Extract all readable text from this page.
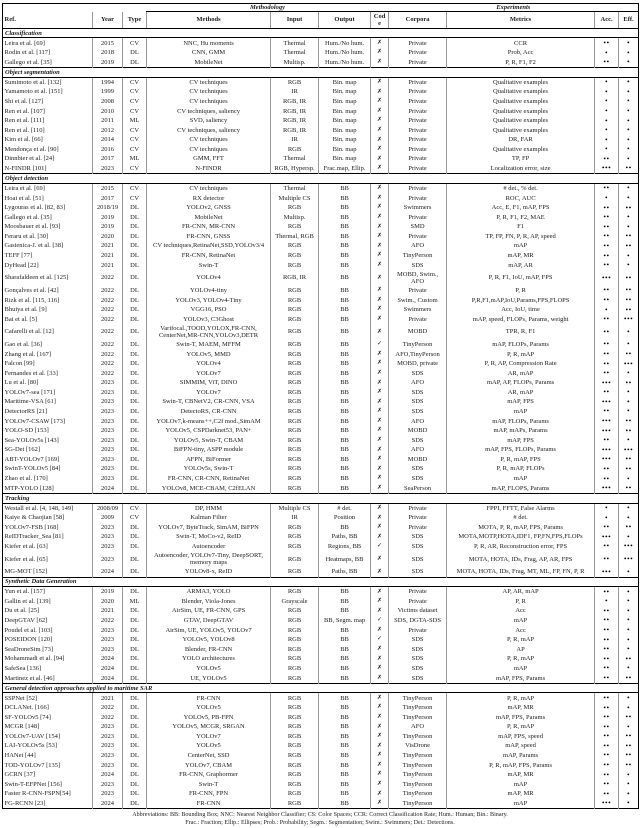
			Methodology				Experiments			
Ref.	Year	Type	Methods	Input	Output	Code	Corpora	Metrics	Acc.	Eff.
Classification										
Leira et al. [69]	2015	CV	NNC, Hu moments	Thermal	Hum./No hum.	✗	Private	CCR	••	•
Rodin et al. [117]	2018	DL	CNN, GMM	Thermal	Hum./No hum.	✗	Private	Prob, Acc	•	•
Gallego et al. [35]	2019	DL	MobileNet	Multisp.	Hum./No hum.	✗	Private	P, R, F1, F2	••	•
Object segmentation										
Sumimoto et al. [132]	1994	CV	CV techniques	RGB	Bin. map	✗	Private	Qualitative examples	•	•
Yamamoto et al. [151]	1999	CV	CV techniques	IR	Bin. map	✗	Private	Qualitative examples	•	•
Shi et al. [127]	2008	CV	CV techniques	RGB, IR	Bin. map	✗	Private	Qualitative examples	•	•
Ren et al. [107]	2010	CV	CV techniques, saliency	RGB, IR	Bin. map	✗	Private	Qualitative examples	•	•
Ren et al. [111]	2011	ML	SVD, saliency	RGB, IR	Bin. map	✗	Private	Qualitative examples	•	•
Ren et al. [110]	2012	CV	CV techniques, saliency	RGB, IR	Bin. map	✗	Private	Qualitative examples	•	•
Kim et al. [66]	2014	CV	CV techniques	IR	Bin. map	✗	Private	DR, FAR	•	•
Mendonça et al. [90]	2016	CV	CV techniques	RGB	Bin. map	✗	Private	Qualitative examples	•	•
Dinnbier et al. [24]	2017	ML	GMM, FFT	Thermal	Bin. map	✗	Private	TP, FP	••	•
N-FINDR [101]	2023	CV	N-FINDR	RGB, Hypersp.	Frac.map, Ellip.	✗	Private	Localization error, size	•••	••
Object detection										
Leira et al. [69]	2015	CV	CV techniques	Thermal	BB	✗	Private	# det., % det.	••	•
Hoai et al. [51]	2017	CV	RX detector	Multiple CS	BB	✗	Private	ROC, AUC	•	•
Lygouras et al. [82, 83]	2018/19	DL	YOLOv2, GNSS	RGB	BB	✗	Swimmers	Acc, E, F1, mAP, FPS	••	••
Gallego et al. [35]	2019	DL	MobileNet	Multisp.	BB	✗	Private	P, R, F1, F2, MAE	••	•
Moosbauer et al. [93]	2019	DL	FR-CNN, MR-CNN	RGB	BB	✗	SMD	F1	••	•
Feraru et al. [30]	2020	DL	FR-CNN, GNSS	Thermal, RGB	BB	✗	Private	TP, FP, FN, P, R, AP, speed	••	••
Gasienica-J. et al. [38]	2021	DL	CV techniques,RetinaNet,SSD,YOLOv3/4	RGB	BB	✗	AFO	mAP	••	••
TEFF [77]	2021	DL	FR-CNN, RetinaNet	RGB	BB	✗	TinyPerson	mAP, MR	••	•
DyHead [22]	2021	DL	Swin-T	RGB	BB	✗	SDS	mAP, AR	••	•
Sharafaldeen et al. [125]	2022	DL	YOLOv4	RGB, IR	BB	✗	MOBD, Swim., AFO	P, R, F1, IoU, mAP, FPS	•••	••
Gonçalves et al. [42]	2022	DL	YOLOv4-tiny	RGB	BB	✗	Private	P, R	••	••
Rizk et al. [115, 116]	2022	DL	YOLOv3, YOLOv4-Tiny	RGB	BB	✗	Swim., Custom	P,R,F1,mAP,IoU,Params,FPS,FLOPS	••	••
Bhuiya et al. [9]	2022	DL	VGG16, PSO	RGB	BB	✗	Swimmers	Acc, IoU, time	•	••
Bai et al. [5]	2022	DL	YOLOv3, C3Ghost	RGB	BB	✗	Private	mAP, speed, FLOPs, Params, weight	••	•••
Cafarelli et al. [12]	2022	DL	Varifocal.,TOOD,YOLOX,FR-CNN, CenterNet,MR-CNN,YOLOv3,DETR	RGB	BB	✗	MOBD	TPR, R, F1	••	•
Gao et al. [36]	2022	DL	Swin-T, MAEM, MFFM	RGB	BB	✓	TinyPerson	mAP, FLOPs, Params	••	•
Zhang et al. [167]	2022	DL	YOLOv5, MMD	RGB	BB	✗	AFO,TinyPerson	P, R, mAP	••	••
Falcon [99]	2022	DL	YOLOv4	RGB	BB	✗	MOBD, private	P, R, AP, Compression Rate	••	•••
Fernandes et al. [33]	2022	DL	YOLOv7	RGB	BB	✗	SDS	AR, mAP	••	•
Lu et al. [80]	2023	DL	SIMMIM, ViT, DINO	RGB	BB	✗	AFO	mAP, AP, FLOPs, Params	•••	••
YOLOv7-sea [171]	2023	DL	YOLOv7	RGB	BB	✗	SDS	AR, mAP	••	•
Maritime-VSA [61]	2023	DL	Swin-T, CBNetV2, CR-CNN, VSA	RGB	BB	✗	SDS	mAP, FPS	•••	•
DetectorRS [21]	2023	DL	DetectoRS, CR-CNN	RGB	BB	✗	SDS	mAP	••	•
YOLOv7-CSAW [173]	2023	DL	YOLOv7,k-means++,C2f mod.,SimAM	RGB	BB	✗	AFO	mAP, FLOPs, Params	•••	••
YOLO-SD [153]	2023	DL	YOLOv5, CSPDarknet53, PAN+	RGB	BB	✗	MOBD	mAP, mAPs, Params	•••	••
Sea-YOLOv5s [143]	2023	DL	YOLOv5, Swin-T, CBAM	RGB	BB	✗	SDS	mAP, FPS	••	•
SG-Det [162]	2023	DL	BiFPN-tiny, ASPP module	RGB	BB	✗	AFO	mAP, FPS, FLOPs, Params	•••	•••
ABT-YOLOv7 [169]	2023	DL	AFPN, BiFormer	RGB	BB	✗	MOBD	P, R, mAP, FPS	•••	••
SwinT-YOLOv5 [84]	2023	DL	YOLOv5s, Swin-T	RGB	BB	✗	SDS	P, R, mAP, FLOPs	••	••
Zhao et al. [170]	2023	DL	FR-CNN, CR-CNN, RetinaNet	RGB	BB	✗	SDS	mAP	••	•
MTP-YOLO [128]	2024	DL	YOLOv8, MCE-CBAM, C2fELAN	RGB	BB	✗	SeaPerson	mAP, FLOPS, Params	•••	••
Tracking										
Westall et al. [4, 148, 149]	2008/09	CV	DP, HMM	Multiple CS	# det.	✗	Private	FPPI, FFTT, False Alarms	•	•
Kaiye & Chaojian [58]	2009	CV	Kalman Filter	IR	Position	✗	Private	# det.	•	•
YOLOv7-FSB [168]	2023	DL	YOLOv7, ByteTrack, SimAM, BiFPN	RGB	BB	✗	Private	MOTA, P, R, mAP, FPS, Params	••	••
ReIDTracker_Sea [81]	2023	DL	Swin-T, MoCo-v2, ReID	RGB	Paths, BB	✗	SDS	MOTA,MOTP,HOTA,IDF1, FP,FN,FPS,FLOPs	•••	•
Kiefer et al. [63]	2023	DL	Autoencoder	RGB	Regions, BB	✓	SDS	P, R, AR, Reconstruction error, FPS	••	•••
Kiefer et al. [65]	2023	DL	Autoencoder, YOLOv7-Tiny, DeepSORT, memory maps	RGB	Heatmaps, BB	✗	SDS	MOTA, HOTA, IDs, Frag, AP, AR, FPS	••	•••
MG-MOT [152]	2024	DL	YOLOv8-x, ReID	RGB	Paths, BB	✗	SDS	MOTA, HOTA, IDs, Frag, MT, ML, FP, FN, P, R	•••	•
Synthetic Data Generation										
Yun et al. [157]	2019	DL	ARMA3, YOLO	RGB	BB	✗	Private	AP, AR, mAP	••	•
Gallin et al. [139]	2020	ML	Blender, Viola-Jones	Grayscale	BB	✗	Private	P, R	•	•
Du et al. [25]	2021	DL	AirSim, UE, FR-CNN, GPS	RGB	BB	✗	Victims dataset	Acc	••	•
DeepGTAV [62]	2022	DL	GTAV, DeepGTAV	RGB	BB, Segm. map	✓	SDS, DGTA-SDS	mAP	••	•
Poudel et al. [103]	2023	DL	AirSim, UE, YOLOv5, YOLOv7	RGB	BB	✗	Private	Acc	••	•
POSEIDON [120]	2023	DL	YOLOv5, YOLOv8	RGB	BB	✓	SDS	P, R, mAP	••	•
SeaDroneSim [73]	2023	DL	Blender, FR-CNN	RGB	BB	✗	SDS	AP	••	•
Mohammadi et al. [94]	2024	DL	YOLO architectures	RGB	BB	✗	SDS	P, R, mAP	••	••
SafeSea [136]	2024	DL	YOLOv5	RGB	BB	✗	SDS	mAP	••	•
Martinez et al. [46]	2024	DL	UE, YOLOv5	RGB	BB	✗	SDS	mAP, FPS, Params	••	••
General detection approaches applied to maritime SAR										
SSPNet [52]	2021	DL	FR-CNN	RGB	BB	✗	TinyPerson	P, R, mAP	••	•
DCLANet. [166]	2022	DL	YOLOv5	RGB	BB	✗	TinyPerson	mAP, MR	••	•
SF-YOLOv5 [74]	2022	DL	YOLOv5, PB-FPN	RGB	BB	✗	TinyPerson	mAP, FPS, Params	••	••
MCGR [148]	2023	DL	YOLOv5, MCGR, SRGAN	RGB	BB	✗	AFO	P, R, mAP	••	•
YOLOv7-UAV [154]	2023	DL	YOLOv7	RGB	BB	✗	TinyPerson	mAP, FPS, speed	••	••
LAI-YOLOv5s [53]	2023	DL	YOLOv5	RGB	BB	✗	VisDrone	mAP, speed	••	••
HANet [44]	2023	DL	CenterNet, SSD	RGB	BB	✗	TinyPerson	mAP, Params	••	••
TOD-YOLOv7 [135]	2023	DL	YOLOv7, CBAM	RGB	BB	✗	TinyPerson	P, R, mAP, FPS, Params	••	••
GCRN [37]	2024	DL	FR-CNN, Graphormer	RGB	BB	✗	TinyPerson	mAP, MR	••	•
Swin-T-EFPNet [156]	2023	DL	Swin-T	RGB	BB	✗	TinyPerson	mAP	••	•
Faster R-CNN-FSPN[54]	2023	DL	FR-CNN, FPN	RGB	BB	✗	TinyPerson	mAP, MR	••	•
FG-RCNN [23]	2024	DL	FR-CNN	RGB	BB	✗	TinyPerson	mAP	•••	•
Abbreviations: BB: Bounding Box; NNC: Nearest Neighbor Classifier; CS: Color Spaces; CCR: Correct Classification Rate; Hum.: Human; Bin.: Binary.
Frac.: Fraction; Ellip.: Ellipses; Prob.: Probability; Segm.: Segmentation; Swim.: Swimmers; Det.: Detections.
